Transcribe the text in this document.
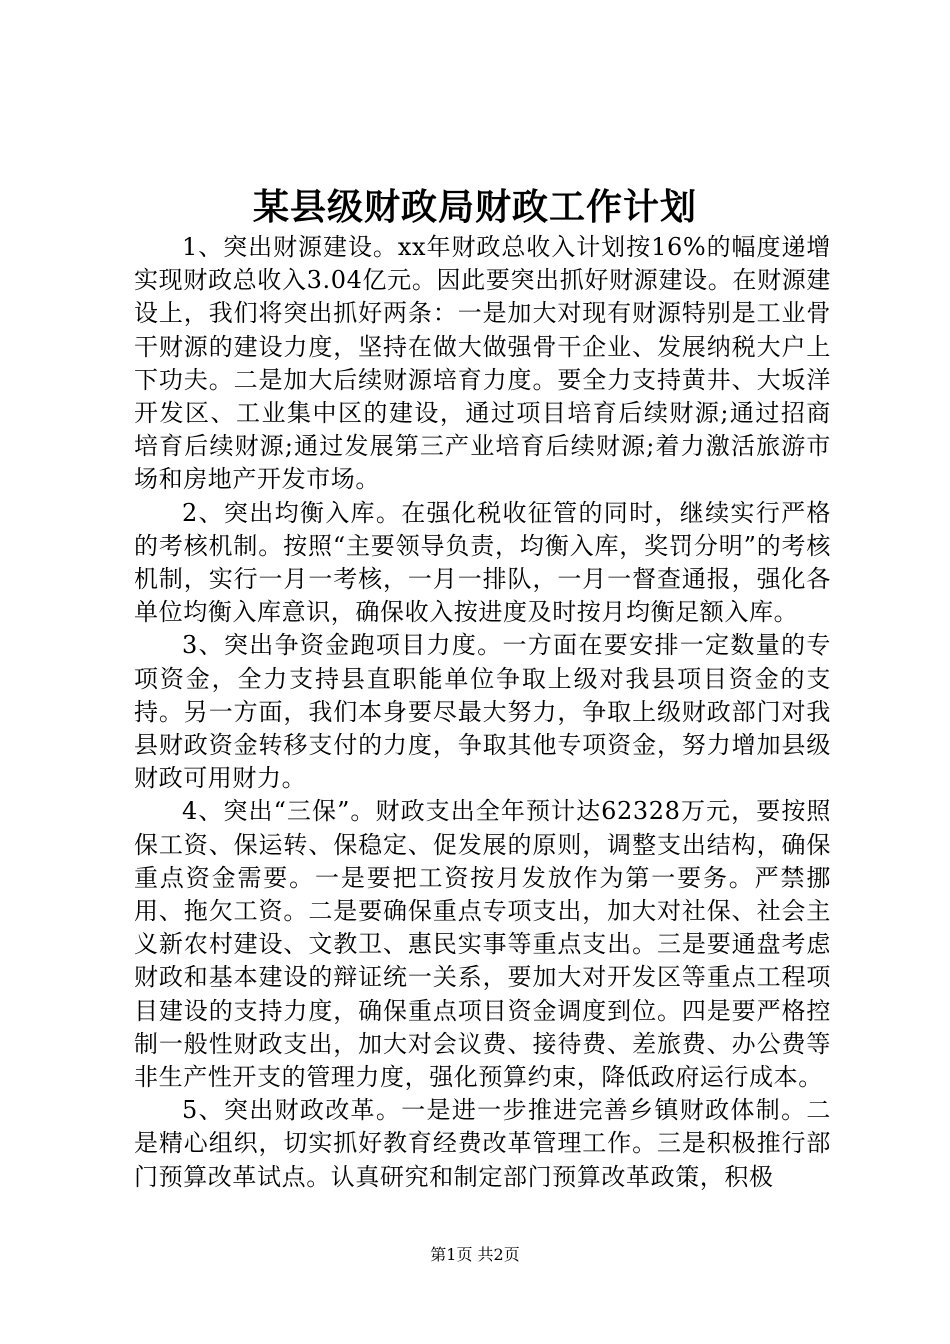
某县级财政局财政工作计划

1、突出财源建设。xx年财政总收入计划按16%的幅度递增实现财政总收入3.04亿元。因此要突出抓好财源建设。在财源建设上，我们将突出抓好两条：一是加大对现有财源特别是工业骨干财源的建设力度，坚持在做大做强骨干企业、发展纳税大户上下功夫。二是加大后续财源培育力度。要全力支持黄井、大坂洋开发区、工业集中区的建设，通过项目培育后续财源;通过招商培育后续财源;通过发展第三产业培育后续财源;着力激活旅游市场和房地产开发市场。

2、突出均衡入库。在强化税收征管的同时，继续实行严格的考核机制。按照“主要领导负责，均衡入库，奖罚分明”的考核机制，实行一月一考核，一月一排队，一月一督查通报，强化各单位均衡入库意识，确保收入按进度及时按月均衡足额入库。

3、突出争资金跑项目力度。一方面在要安排一定数量的专项资金，全力支持县直职能单位争取上级对我县项目资金的支持。另一方面，我们本身要尽最大努力，争取上级财政部门对我县财政资金转移支付的力度，争取其他专项资金，努力增加县级财政可用财力。

4、突出“三保”。财政支出全年预计达62328万元，要按照保工资、保运转、保稳定、促发展的原则，调整支出结构，确保重点资金需要。一是要把工资按月发放作为第一要务。严禁挪用、拖欠工资。二是要确保重点专项支出，加大对社保、社会主义新农村建设、文教卫、惠民实事等重点支出。三是要通盘考虑财政和基本建设的辩证统一关系，要加大对开发区等重点工程项目建设的支持力度，确保重点项目资金调度到位。四是要严格控制一般性财政支出，加大对会议费、接待费、差旅费、办公费等非生产性开支的管理力度，强化预算约束，降低政府运行成本。

5、突出财政改革。一是进一步推进完善乡镇财政体制。二是精心组织，切实抓好教育经费改革管理工作。三是积极推行部门预算改革试点。认真研究和制定部门预算改革政策，积极

第1页 共2页
